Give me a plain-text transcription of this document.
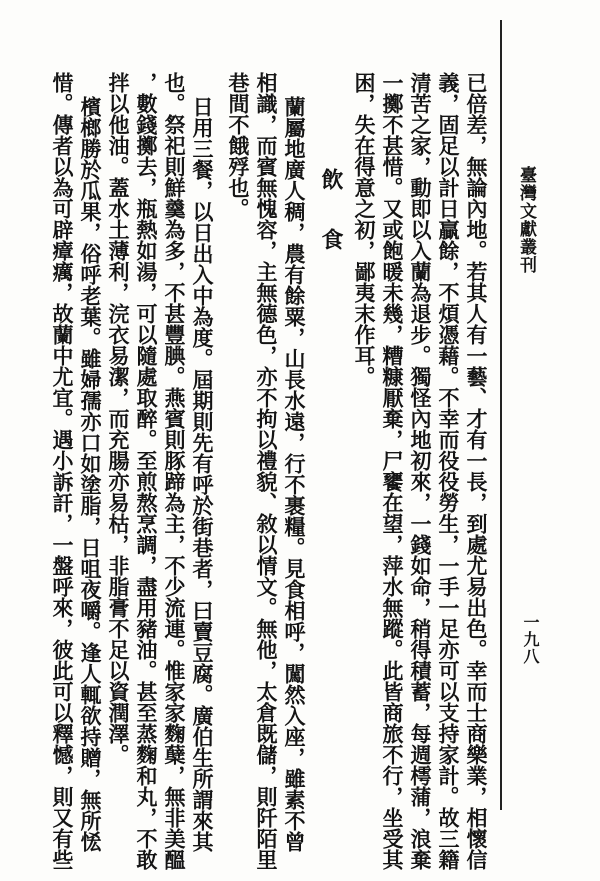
臺灣文獻叢刊
一九八
已倍差，無論內地。若其人有一藝、才有一長，到處尤易出色。幸而士商樂業，相懷信
義，固足以計日贏餘，不煩憑藉。不幸而役役勞生，一手一足亦可以支持家計。故三籍
清苦之家，動即以入蘭為退步。獨怪內地初來，一錢如命，稍得積蓄，每週樗蒲，浪棄
一擲不甚惜。又或飽暖未幾，糟糠厭棄，尸饔在望，萍水無蹤。此皆商旅不行，坐受其
困，失在得意之初，鄙夷末作耳。
飲　食
蘭屬地廣人稠，農有餘粟，山長水遠，行不裹糧。見食相呼，闖然入座，雖素不曾
相識，而賓無愧容，主無德色，亦不拘以禮貌、敘以情文。無他，太倉既儲，則阡陌里
巷間不餓殍也。
日用三餐，以日出入中為度。屆期則先有呼於街巷者，曰賣豆腐。廣伯生所謂來其
也。祭祀則鮮羹為多，不甚豐腆。燕賓則豚蹄為主，不少流連。惟家家麴蘖，無非美醞
，數錢擲去，瓶熱如湯，可以隨處取醉。至煎熬烹調，盡用豬油。甚至蒸麴和丸，不敢
拌以他油。蓋水土薄利，浣衣易潔，而充腸亦易枯，非脂膏不足以資潤澤。
檳榔勝於瓜果，俗呼老葉。雖婦孺亦口如塗脂，日咀夜嚼。逢人輒欲持贈，無所恡
惜。傳者以為可辟瘴癘，故蘭中尤宜。遇小訴訐，一盤呼來，彼此可以釋憾，則又有些
